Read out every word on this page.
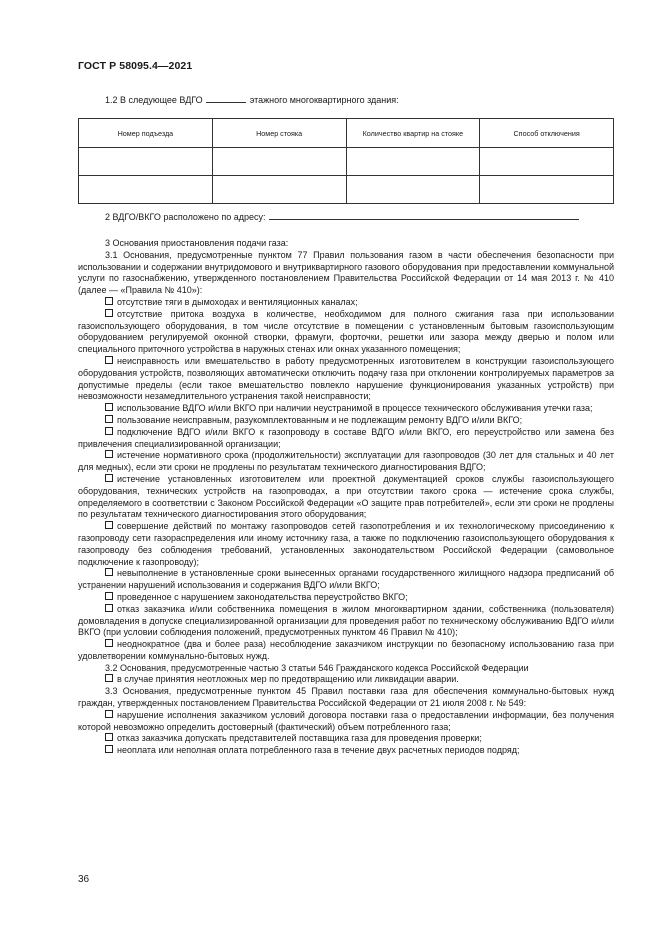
ГОСТ Р 58095.4—2021
1.2 В следующее ВДГО	этажного многоквартирного здания:
Номер подъезда	Номер стояка	Количество квартир на стояке	Способ отключения

2 ВДГО/ВКГО расположено по адресу:

3 Основания приостановления подачи газа:

3.1 Основания, предусмотренные пунктом 77 Правил пользования газом в части обеспечения безопасности при использовании и содержании внутридомового и внутриквартирного газового оборудования при предоставлении коммунальной услуги по газоснабжению, утвержденного постановлением Правительства Российской Федерации от 14 мая 2013 г. № 410 (далее — «Правила № 410»):

отсутствие тяги в дымоходах и вентиляционных каналах;

отсутствие притока воздуха в количестве, необходимом для полного сжигания газа при использовании газоиспользующего оборудования, в том числе отсутствие в помещении с установленным бытовым газоиспользующим оборудованием регулируемой оконной створки, фрамуги, форточки, решетки или зазора между дверью и полом или специального приточного устройства в наружных стенах или окнах указанного помещения;

неисправность или вмешательство в работу предусмотренных изготовителем в конструкции газоиспользующего оборудования устройств, позволяющих автоматически отключить подачу газа при отклонении контролируемых параметров за допустимые пределы (если такое вмешательство повлекло нарушение функционирования указанных устройств) при невозможности незамедлительного устранения такой неисправности;

использование ВДГО и/или ВКГО при наличии неустранимой в процессе технического обслуживания утечки газа;

пользование неисправным, разукомплектованным и не подлежащим ремонту ВДГО и/или ВКГО;

подключение ВДГО и/или ВКГО к газопроводу в составе ВДГО и/или ВКГО, его переустройство или замена без привлечения специализированной организации;

истечение нормативного срока (продолжительности) эксплуатации для газопроводов (30 лет для стальных и 40 лет для медных), если эти сроки не продлены по результатам технического диагностирования ВДГО;

истечение установленных изготовителем или проектной документацией сроков службы газоиспользующего оборудования, технических устройств на газопроводах, а при отсутствии такого срока — истечение срока службы, определяемого в соответствии с Законом Российской Федерации «О защите прав потребителей», если эти сроки не продлены по результатам технического диагностирования этого оборудования;

совершение действий по монтажу газопроводов сетей газопотребления и их технологическому присоединению к газопроводу сети газораспределения или иному источнику газа, а также по подключению газоиспользующего оборудования к газопроводу без соблюдения требований, установленных законодательством Российской Федерации (самовольное подключение к газопроводу);

невыполнение в установленные сроки вынесенных органами государственного жилищного надзора предписаний об устранении нарушений использования и содержания ВДГО и/или ВКГО;

проведенное с нарушением законодательства переустройство ВКГО;

отказ заказчика и/или собственника помещения в жилом многоквартирном здании, собственника (пользователя) домовладения в допуске специализированной организации для проведения работ по техническому обслуживанию ВДГО и/или ВКГО (при условии соблюдения положений, предусмотренных пунктом 46 Правил № 410);

неоднократное (два и более раза) несоблюдение заказчиком инструкции по безопасному использованию газа при удовлетворении коммунально-бытовых нужд.

3.2 Основания, предусмотренные частью 3 статьи 546 Гражданского кодекса Российской Федерации

в случае принятия неотложных мер по предотвращению или ликвидации аварии.

3.3 Основания, предусмотренные пунктом 45 Правил поставки газа для обеспечения коммунально-бытовых нужд граждан, утвержденных постановлением Правительства Российской Федерации от 21 июля 2008 г. № 549:

нарушение исполнения заказчиком условий договора поставки газа о предоставлении информации, без получения которой невозможно определить достоверный (фактический) объем потребленного газа;

отказ заказчика допускать представителей поставщика газа для проведения проверки;

неоплата или неполная оплата потребленного газа в течение двух расчетных периодов подряд;

36
